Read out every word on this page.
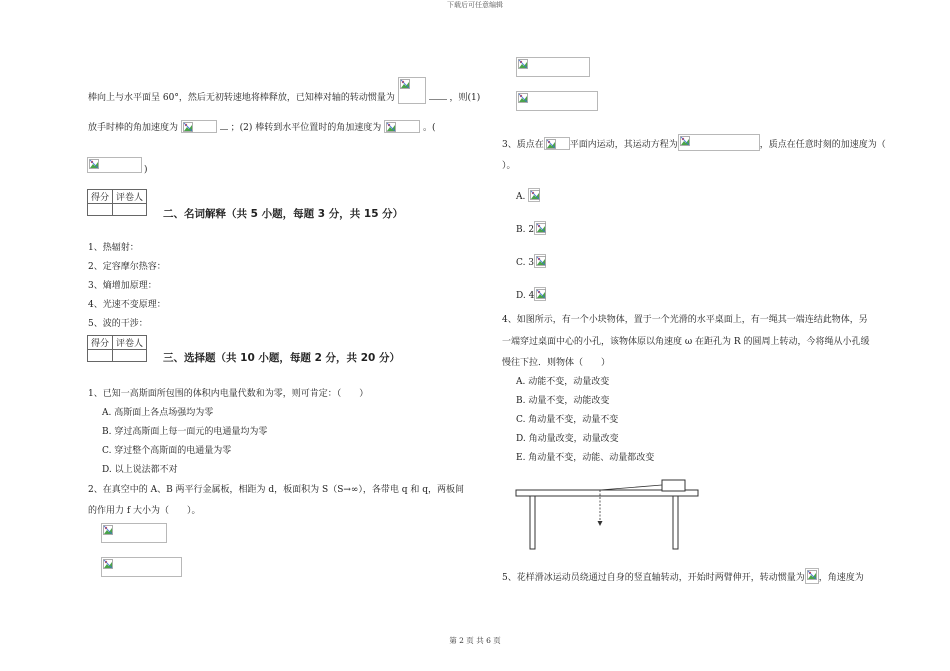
下载后可任意编辑
棒向上与水平面呈 60°，然后无初转速地将棒释放，已知棒对轴的转动惯量为	，则(1)
放手时棒的角加速度为	；(2) 棒转到水平位置时的角加速度为	。(
)
得分	评卷人

二、名词解释（共 5 小题，每题 3 分，共 15 分）
1、热辐射：
2、定容摩尔热容：
3、熵增加原理：
4、光速不变原理：
5、波的干涉：
得分	评卷人

三、选择题（共 10 小题，每题 2 分，共 20 分）
1、已知一高斯面所包围的体积内电量代数和为零，则可肯定：（　　）
A. 高斯面上各点场强均为零
B. 穿过高斯面上每一面元的电通量均为零
C. 穿过整个高斯面的电通量为零
D. 以上说法都不对
2、在真空中的 A、B 两平行金属板，相距为 d，板面积为 S（S→∞），各带电 q 和 q，两板间
的作用力 f 大小为（　　）。
3、质点在	平面内运动，其运动方程为	，质点在任意时刻的加速度为（
）。
A.
B. 2
C. 3
D. 4
4、如图所示，有一个小块物体，置于一个光滑的水平桌面上，有一绳其一端连结此物体，另
一端穿过桌面中心的小孔，该物体原以角速度 ω 在距孔为 R 的圆周上转动，今将绳从小孔缓
慢往下拉．则物体（　　）
A. 动能不变，动量改变
B. 动量不变，动能改变
C. 角动量不变，动量不变
D. 角动量改变，动量改变
E. 角动量不变，动能、动量都改变
5、花样滑冰运动员绕通过自身的竖直轴转动，开始时两臂伸开，转动惯量为 ，角速度为
第 2 页 共 6 页
